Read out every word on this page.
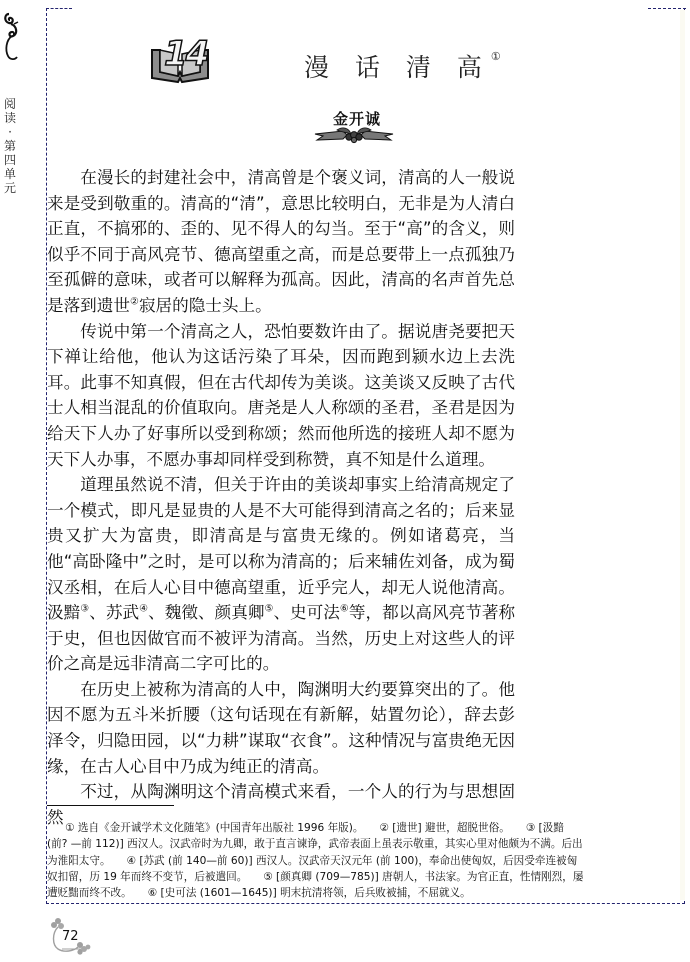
阅
读
·
第
四
单
元
14	漫 话 清 高①
金开诚

在漫长的封建社会中，清高曾是个褒义词，清高的人一般说来是受到敬重的。清高的“清”，意思比较明白，无非是为人清白正直，不搞邪的、歪的、见不得人的勾当。至于“高”的含义，则似乎不同于高风亮节、德高望重之高，而是总要带上一点孤独乃至孤僻的意味，或者可以解释为孤高。因此，清高的名声首先总是落到遗世②寂居的隐士头上。

传说中第一个清高之人，恐怕要数许由了。据说唐尧要把天下禅让给他，他认为这话污染了耳朵，因而跑到颍水边上去洗耳。此事不知真假，但在古代却传为美谈。这美谈又反映了古代士人相当混乱的价值取向。唐尧是人人称颂的圣君，圣君是因为给天下人办了好事所以受到称颂；然而他所选的接班人却不愿为天下人办事，不愿办事却同样受到称赞，真不知是什么道理。

道理虽然说不清，但关于许由的美谈却事实上给清高规定了一个模式，即凡是显贵的人是不大可能得到清高之名的；后来显贵又扩大为富贵，即清高是与富贵无缘的。例如诸葛亮，当他“高卧隆中”之时，是可以称为清高的；后来辅佐刘备，成为蜀汉丞相，在后人心目中德高望重，近乎完人，却无人说他清高。汲黯③、苏武④、魏徵、颜真卿⑤、史可法⑥等，都以高风亮节著称于史，但也因做官而不被评为清高。当然，历史上对这些人的评价之高是远非清高二字可比的。

在历史上被称为清高的人中，陶渊明大约要算突出的了。他因不愿为五斗米折腰（这句话现在有新解，姑置勿论），辞去彭泽令，归隐田园，以“力耕”谋取“衣食”。这种情况与富贵绝无因缘，在古人心目中乃成为纯正的清高。

不过，从陶渊明这个清高模式来看，一个人的行为与思想固然

① 选自《金开诚学术文化随笔》(中国青年出版社 1996 年版)。　　② [遗世] 避世，超脱世俗。　　③ [汲黯
(前? —前 112)] 西汉人。汉武帝时为九卿，敢于直言谏诤，武帝表面上虽表示敬重，其实心里对他颇为不满。后出
为淮阳太守。　　④ [苏武 (前 140—前 60)] 西汉人。汉武帝天汉元年 (前 100)，奉命出使匈奴，后因受牵连被匈
奴扣留，历 19 年而终不变节，后被遣回。　　⑤ [颜真卿 (709—785)] 唐朝人，书法家。为官正直，性情刚烈，屡
遭贬黜而终不改。　　⑥ [史可法 (1601—1645)] 明末抗清将领，后兵败被捕，不屈就义。
72
